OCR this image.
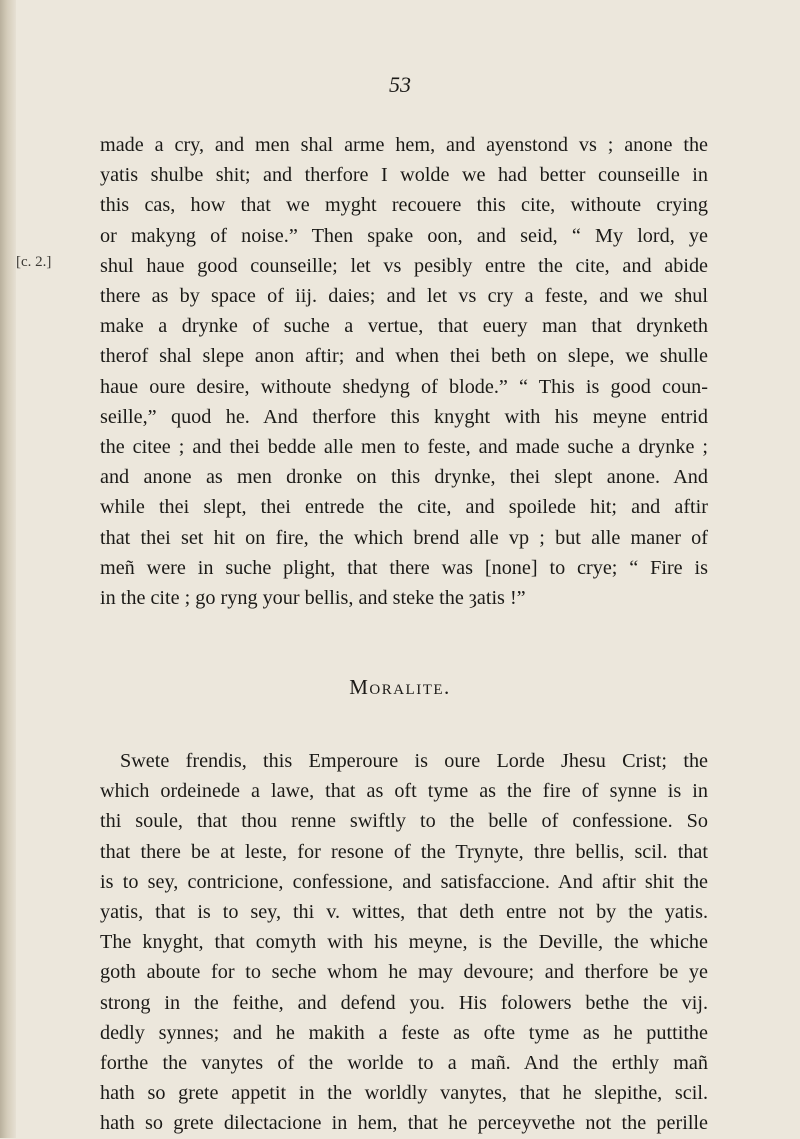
53
[c. 2.]
made a cry, and men shal arme hem, and ayenstond vs ; anone the
yatis shulbe shit; and therfore I wolde we had better counseille in
this cas, how that we myght recouere this cite, withoute crying
or makyng of noise.” Then spake oon, and seid, “ My lord, ye
shul haue good counseille; let vs pesibly entre the cite, and abide
there as by space of iij. daies; and let vs cry a feste, and we shul
make a drynke of suche a vertue, that euery man that drynketh
therof shal slepe anon aftir; and when thei beth on slepe, we shulle
haue oure desire, withoute shedyng of blode.” “ This is good coun-
seille,” quod he. And therfore this knyght with his meyne entrid
the citee ; and thei bedde alle men to feste, and made suche a drynke ;
and anone as men dronke on this drynke, thei slept anone. And
while thei slept, thei entrede the cite, and spoilede hit; and aftir
that thei set hit on fire, the which brend alle vp ; but alle maner of
meñ were in suche plight, that there was [none] to crye; “ Fire is
in the cite ; go ryng your bellis, and steke the ȝatis !”
Moralite.
Swete frendis, this Emperoure is oure Lorde Jhesu Crist; the
which ordeinede a lawe, that as oft tyme as the fire of synne is in
thi soule, that thou renne swiftly to the belle of confessione. So
that there be at leste, for resone of the Trynyte, thre bellis, scil. that
is to sey, contricione, confessione, and satisfaccione. And aftir shit the
yatis, that is to sey, thi v. wittes, that deth entre not by the yatis.
The knyght, that comyth with his meyne, is the Deville, the whiche
goth aboute for to seche whom he may devoure; and therfore be ye
strong in the feithe, and defend you. His folowers bethe the vij.
dedly synnes; and he makith a feste as ofte tyme as he puttithe
forthe the vanytes of the worlde to a mañ. And the erthly mañ
hath so grete appetit in the worldly vanytes, that he slepithe, scil.
hath so grete dilectacione in hem, that he perceyvethe not the perille
